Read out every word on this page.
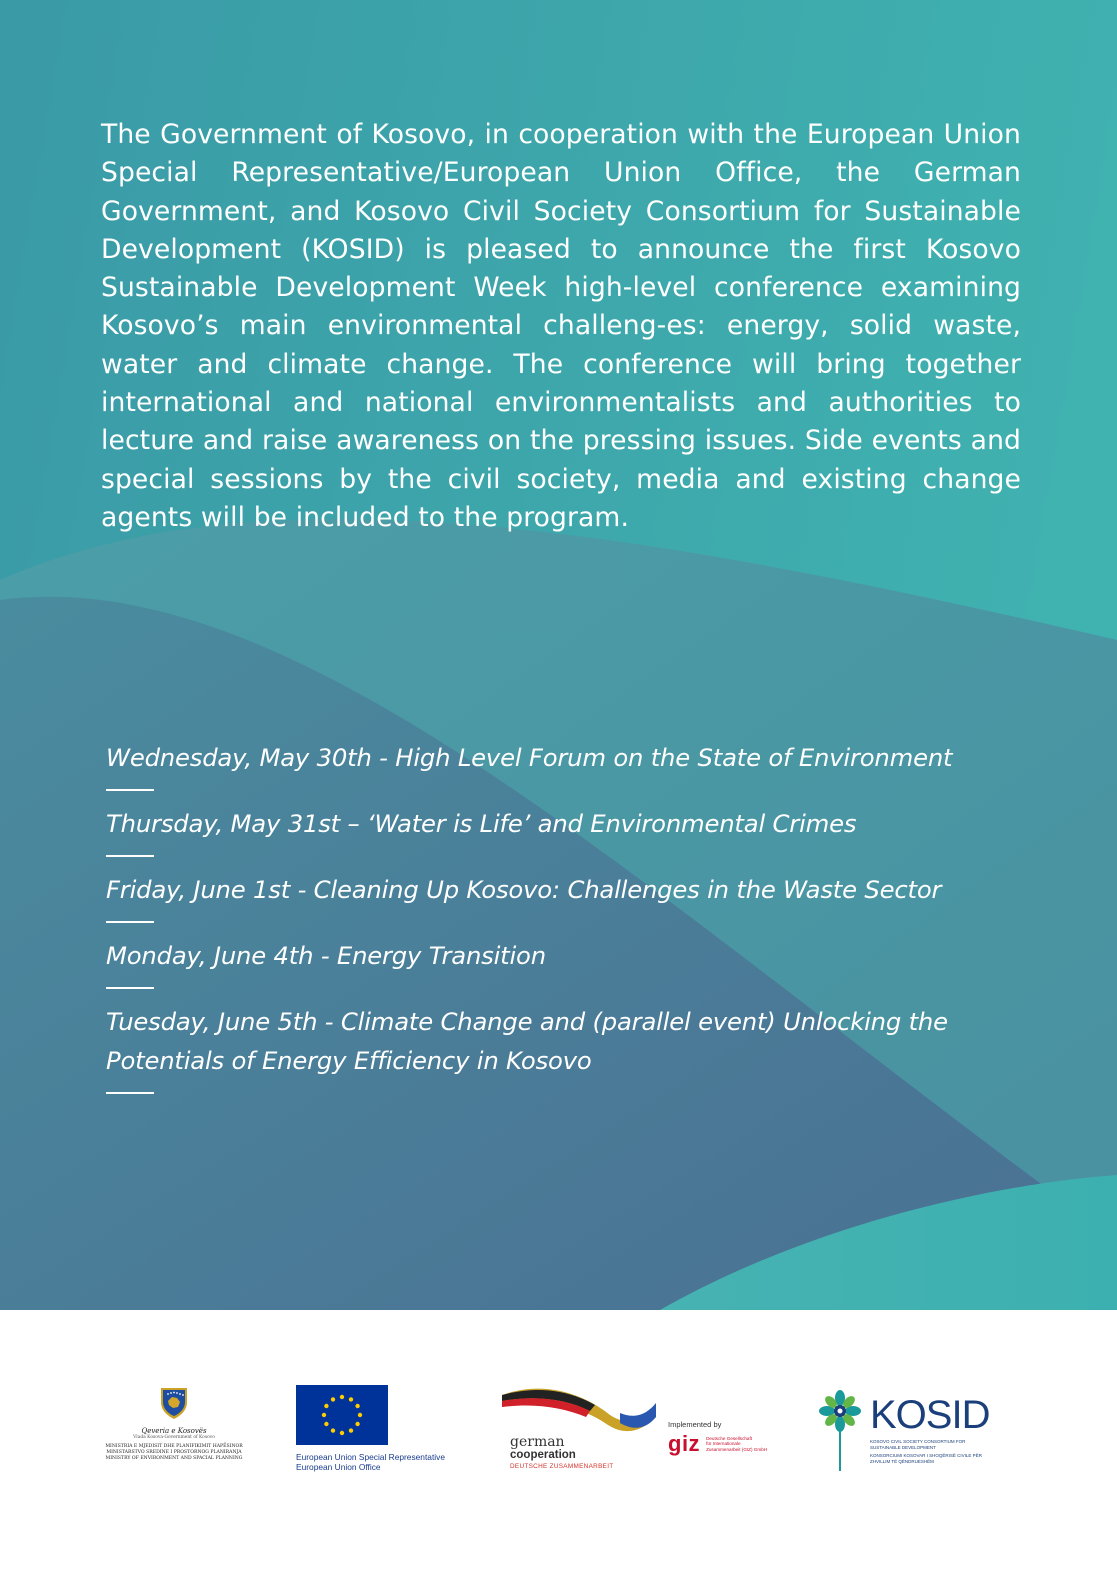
The Government of Kosovo, in cooperation with the European Union Special Representative/European Union Office, the German Government, and Kosovo Civil Society Consortium for Sustainable Development (KOSID) is pleased to announce the first Kosovo Sustainable Development Week high-level conference examining Kosovo’s main environmental challeng-es: energy, solid waste, water and climate change. The conference will bring together international and national environmentalists and authorities to lecture and raise awareness on the pressing issues. Side events and special sessions by the civil society, media and existing change agents will be included to the program.

Wednesday, May 30th - High Level Forum on the State of Environment
Thursday, May 31st – ‘Water is Life’ and Environmental Crimes
Friday, June 1st - Cleaning Up Kosovo: Challenges in the Waste Sector
Monday, June 4th - Energy Transition
Tuesday, June 5th - Climate Change and (parallel event) Unlocking the Potentials of Energy Efficiency in Kosovo
Qeveria e Kosovës
Vlada Kosova-Government of Kosovo
MINISTRIA E MJEDISIT DHE PLANIFIKIMIT HAPËSINOR
MINISTARSTVO SREDINE I PROSTORNOG PLANIRANJA
MINISTRY OF ENVIRONMENT AND SPACIAL PLANNING	European Union Special Representative
European Union Office
german
cooperation
DEUTSCHE ZUSAMMENARBEIT
Implemented by
giz Deutsche Gesellschaft
für Internationale
Zusammenarbeit (GIZ) GmbH
KOSID
KOSOVO CIVIL SOCIETY CONSORTIUM FOR
SUSTAINABLE DEVELOPMENT
KONSORCIUMI KOSOVAR I SHOQËRISË CIVILE PËR
ZHVILLIM TË QËNDRUESHËM
